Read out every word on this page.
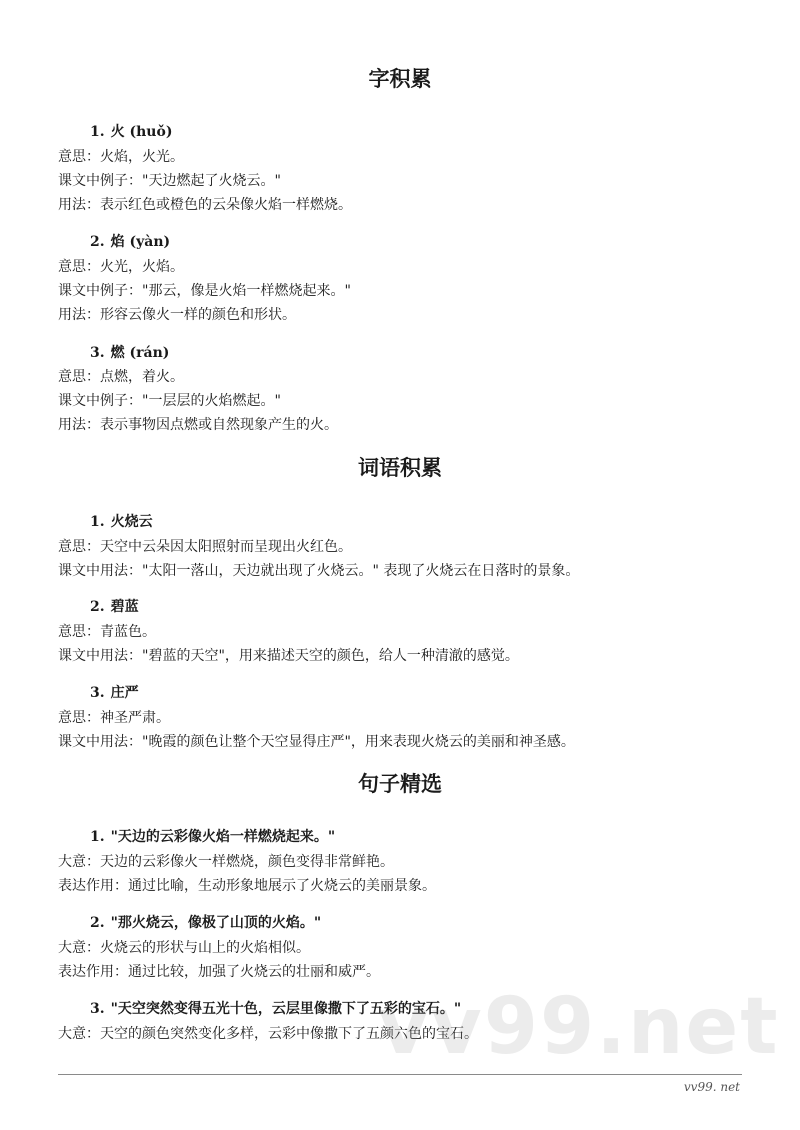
字积累
1. 火 (huǒ)

意思：火焰，火光。

课文中例子："天边燃起了火烧云。"

用法：表示红色或橙色的云朵像火焰一样燃烧。

2. 焰 (yàn)

意思：火光，火焰。

课文中例子："那云，像是火焰一样燃烧起来。"

用法：形容云像火一样的颜色和形状。

3. 燃 (rán)

意思：点燃，着火。

课文中例子："一层层的火焰燃起。"

用法：表示事物因点燃或自然现象产生的火。

词语积累
1. 火烧云

意思：天空中云朵因太阳照射而呈现出火红色。

课文中用法："太阳一落山，天边就出现了火烧云。" 表现了火烧云在日落时的景象。

2. 碧蓝

意思：青蓝色。

课文中用法："碧蓝的天空"，用来描述天空的颜色，给人一种清澈的感觉。

3. 庄严

意思：神圣严肃。

课文中用法："晚霞的颜色让整个天空显得庄严"，用来表现火烧云的美丽和神圣感。

句子精选
1. "天边的云彩像火焰一样燃烧起来。"

大意：天边的云彩像火一样燃烧，颜色变得非常鲜艳。

表达作用：通过比喻，生动形象地展示了火烧云的美丽景象。

2. "那火烧云，像极了山顶的火焰。"

大意：火烧云的形状与山上的火焰相似。

表达作用：通过比较，加强了火烧云的壮丽和威严。

3. "天空突然变得五光十色，云层里像撒下了五彩的宝石。"

大意：天空的颜色突然变化多样，云彩中像撒下了五颜六色的宝石。

vv99.net
vv99. net
